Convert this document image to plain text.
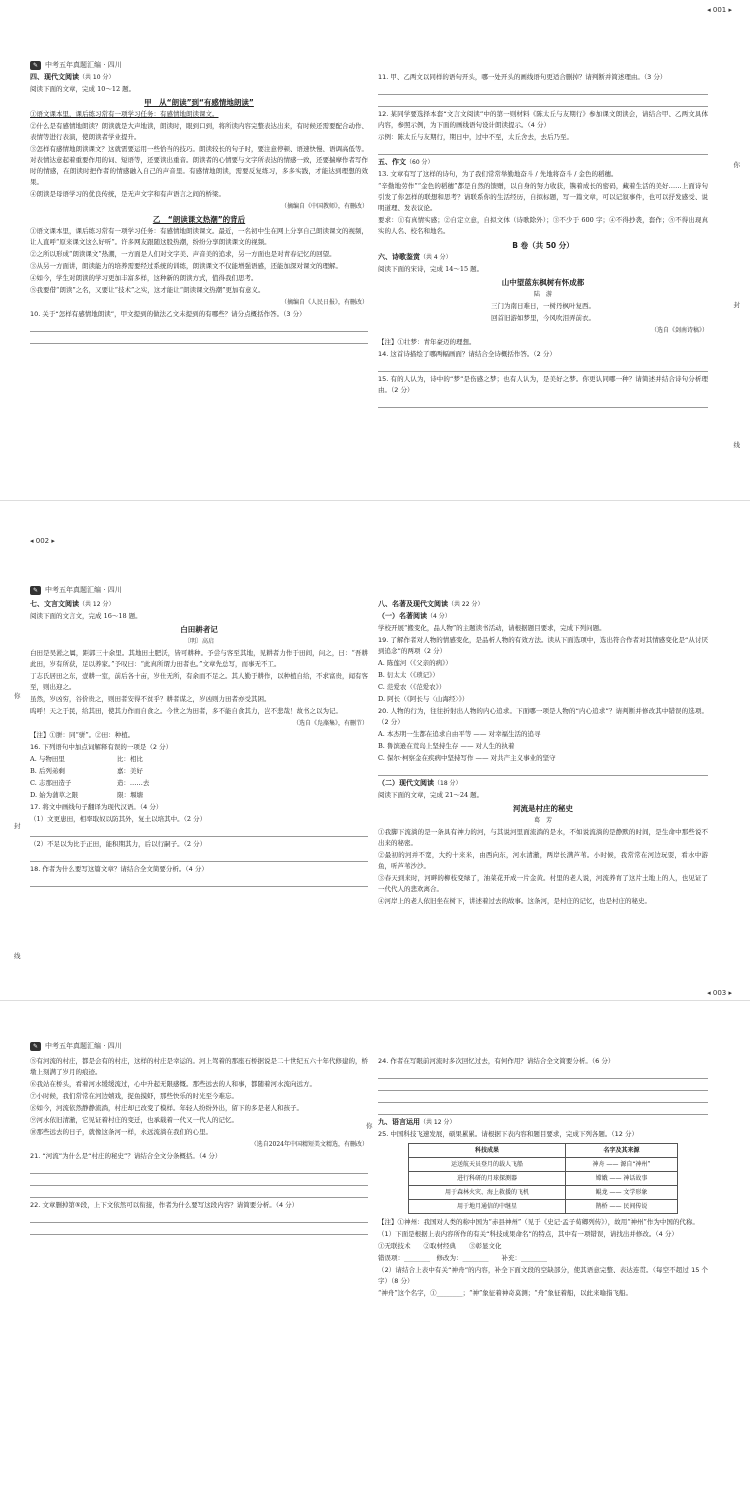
◂ 001 ▸
✎	中考五年真题汇编 · 四川

四、现代文阅读（共 10 分）

阅读下面的文章，完成 10～12 题。

甲　从“朗读”到“有感情地朗读”

①语文课本里，课后练习常有一项学习任务：有感情地朗读课文。

②什么是有感情地朗读？朗读就是大声地读，朗读时，眼到口到，将所读内容完整表达出来，有时候还需要配合动作、表情等进行表演，使朗读者学业提升。

③怎样有感情地朗读课文？这就需要运用一些恰当的技巧。朗读较长的句子时，要注意停顿、语速快慢、语调高低等。对表情达意起着重要作用的词、短语等，还要读出重音。朗读者的心情要与文字所表达的情感一致，还要揣摩作者写作时的情感，在朗读时把作者的情感融入自己的声音里。有感情地朗读，需要反复练习，多多实践，才能达到理想的效果。

④朗读是母语学习的优良传统，是无声文字和有声语言之间的桥梁。

（摘编自《中国教师》，有删改）

乙　“朗读课文热潮”的背后

①语文课本里，课后练习常有一项学习任务：有感情地朗读课文。最近，一名初中生在网上分享自己朗读课文的视频，让人直呼“原来课文这么好听”。许多网友跟随这股热潮，纷纷分享朗读课文的视频。

②之所以形成“朗读课文”热潮，一方面是人们对文字美、声音美的追求，另一方面也是对青春记忆的回望。

③从另一方面讲，朗读能力的培养需要经过系统的训练，朗读课文不仅能增强语感，还能加深对课文的理解。

④如今，学生对朗读的学习更加丰富多样，这种新的朗读方式，值得我们思考。

⑤我要借“朗读”之名，又要让“技术”之实，这才能让“朗读课文热潮”更加有意义。

（摘编自《人民日报》，有删改）

10. 关于“怎样有感情地朗读”，甲文提到的做法乙文未提到的有哪些？请分点概括作答。（3 分）

11. 甲、乙两文以同样的语句开头，哪一处开头的画线语句更适合删掉？请判断并简述理由。（3 分）

12. 某同学要选择本套“文言文阅读”中的第一则材料《陈太丘与友期行》参加课文朗读会，请结合甲、乙两文具体内容，参照示例，为下面的画线语句设计朗读提示。（4 分）

示例：陈太丘与友期行，期日中，过中不至，太丘舍去，去后乃至。

五、作文（60 分）

13. 文章有写了这样的诗句，为了我们常常举勤地奋斗 / 先地将奋斗 / 金色的稻穗。

“辛勤地劳作”“金色的稻穗”都是自然的馈赠，以自身的努力收获，镌着成长的密码，藏着生活的美好……上面诗句引发了你怎样的联想和思考？请联系你的生活经历，自拟标题，写一篇文章，可以记叙事件，也可以抒发感受、说明道理、发表议论。

要求：①有真情实感；②自定立意，自拟文体（诗歌除外）；③不少于 600 字；④不得抄袭，套作；⑤不得出现真实的人名、校名和地名。

B 卷（共 50 分）

六、诗歌鉴赏（共 4 分）

阅读下面的宋诗，完成 14～15 题。

山中望蓝东枫树有怀成都

陆　游

三门为南日难日，一树丹枫叶复西。

回首旧游如梦里，今风吹泪弄前衣。

（选自《剑南诗稿》）

【注】①壮梦：青年豪迈的理想。

14. 这首诗描绘了哪两幅画面？请结合全诗概括作答。（2 分）

15. 有的人认为，诗中的“梦”是伤感之梦；也有人认为，是美好之梦。你更认同哪一种？请简述并结合诗句分析理由。（2 分）

你
封
线
◂ 002 ▸
✎	中考五年真题汇编 · 四川

七、文言文阅读（共 12 分）

阅读下面的文言文，完成 16～18 题。

白田耕者记

〔明〕高启

白田是吴淞之属，距郭三十余里。其地田土肥沃，皆可耕种。予尝与客至其地，见耕者力作于田间，问之，曰：“吾耕此田，岁有所获，足以养家。”予叹曰：“此真所谓力田者也。”文章先总写，而事无不工。

丁志氏居田之东，壹耕一室，前后各十亩，岁仕无所，有余而不足之。其人勤于耕作，以种植自给，不求富贵，闻有客至，则出迎之。

虽然，岁凶穷，谷价贵之，则田者安得不贫乎？耕者谋之，岁凶则力田者亦受其困。

呜呼！天之于民，给其田，使其力作而自食之。今世之为田者，多不能自食其力，岂不悲哉！故书之以为记。

（选自《凫藻集》，有删节）

【注】①胼：同“骈”。②田：种植。

16. 下列语句中加点词解释有误的一项是（2 分）

A. 与物田里　　　　　　　　比：相比

B. 后列弟剩　　　　　　　　嘉：美好

C. 志那田造子　　　　　　　造：……去

D. 始为蒲草之限　　　　　　限：堰塘

17. 将文中画线句子翻译为现代汉语。（4 分）

（1）文更患田，相率取奴以防其外，复土以培其中。（2 分）

（2）不足以为比于正田，能积期其力，后以行嗣子。（2 分）

18. 作者为什么要写这篇文章？请结合全文简要分析。（4 分）

八、名著及现代文阅读（共 22 分）

（一）名著阅读（4 分）

学校开展“搬变化，品人物”的主题读书活动，请根据题目要求，完成下列问题。

19. 了解作者对人物的情感变化，是品析人物的有效方法。读从下面选项中，选出符合作者对其情感变化是“从讨厌到追念”的两项（2 分）

A. 陈莲河（《父亲的病》）

B. 衍太太（《琐记》）

C. 范爱农（《范爱农》）

D. 阿长（《阿长与〈山海经〉》）

20. 人物的行为，往往折射出人物的内心追求。下面哪一项是人物的“内心追求”？请判断并修改其中错误的选项。（2 分）

A. 本杰明一生都在追求自由平等 —— 对幸福生活的追寻

B. 鲁滨逊在荒岛上坚持生存 —— 对人生的执着

C. 保尔·柯察金在疾病中坚持写作 —— 对共产主义事业的坚守

（二）现代文阅读（18 分）

阅读下面的文章，完成 21～24 题。

河流是村庄的秘史

葛　芳

①我脚下流淌的是一条具有神力的河，与其说河里面流淌的是水，不如说流淌的是静默的时间，是生命中那些说不出来的秘密。

②最初的河并不宽，大约十来米，由西向东，河水清澈，两岸长满芦苇。小时候，我常常在河边玩耍，看水中游鱼，听芦苇沙沙。

③春天到来时，河畔的柳枝变绿了，油菜花开成一片金黄。村里的老人说，河流养育了这片土地上的人，也见证了一代代人的悲欢离合。

④河岸上的老人依旧坐在树下，讲述着过去的故事。这条河，是村庄的记忆，也是村庄的秘史。

你
封
线
◂ 003 ▸
✎	中考五年真题汇编 · 四川

⑤有河流的村庄，都是会有的村庄，这样的村庄是幸运的。河上驾着的那座石桥据说是二十世纪五六十年代修建的，桥墩上刻满了岁月的痕迹。

⑥我站在桥头，看着河水缓缓流过，心中升起无限感慨。那些远去的人和事，都随着河水流向远方。

⑦小时候，我们常常在河边嬉戏，捉鱼摸虾，那些快乐的时光至今难忘。

⑧如今，河流依然静静流淌，村庄却已改变了模样。年轻人纷纷外出，留下的多是老人和孩子。

⑨河水依旧清澈，它见证着村庄的变迁，也承载着一代又一代人的记忆。

⑩那些远去的日子，就像这条河一样，永远流淌在我们的心里。

（选自2024年中国精短美文精选，有删改）

21. “河流”为什么是“村庄的秘史”？请结合全文分条概括。（4 分）

22. 文章删掉第⑤段，上下文依然可以衔接，作者为什么要写这段内容？请简要分析。（4 分）

24. 作者在写眼前河流时多次回忆过去，有何作用？请结合全文简要分析。（6 分）

九、语言运用（共 12 分）

25. 中国科技飞速发展，硕果累累。请根据下表内容和题目要求，完成下列各题。（12 分）

科技成果	名字及其来源
运送航天员登月的载人飞船	神舟 —— 源自“神州”
进行科研的月球探测器	嫦娥 —— 神话故事
用于森林火灾、海上救援的飞机	鲲龙 —— 文学形象
用于地月通信的中继星	鹊桥 —— 民间传说

【注】①神州：我国对人类的称中国为“赤县神州”（见于《史记·孟子荀卿列传》），故用“神州”作为中国的代称。

（1）下面是根据上表内容所作的有关“科技成果命名”的特点，其中有一项错误，请找出并修改。（4 分）

①无联技术　　②取材经典　　③彰显文化

错误项：________　修改为：________　　补充：________

（2）请结合上表中有关“神舟”的内容，补全下面文段的空缺部分，使其语意完整、表达连贯。（每空不超过 15 个字）（8 分）

“神舟”这个名字，①________；“神”象征着神奇莫测；“舟”象征着船，以此来喻指飞船。

你
